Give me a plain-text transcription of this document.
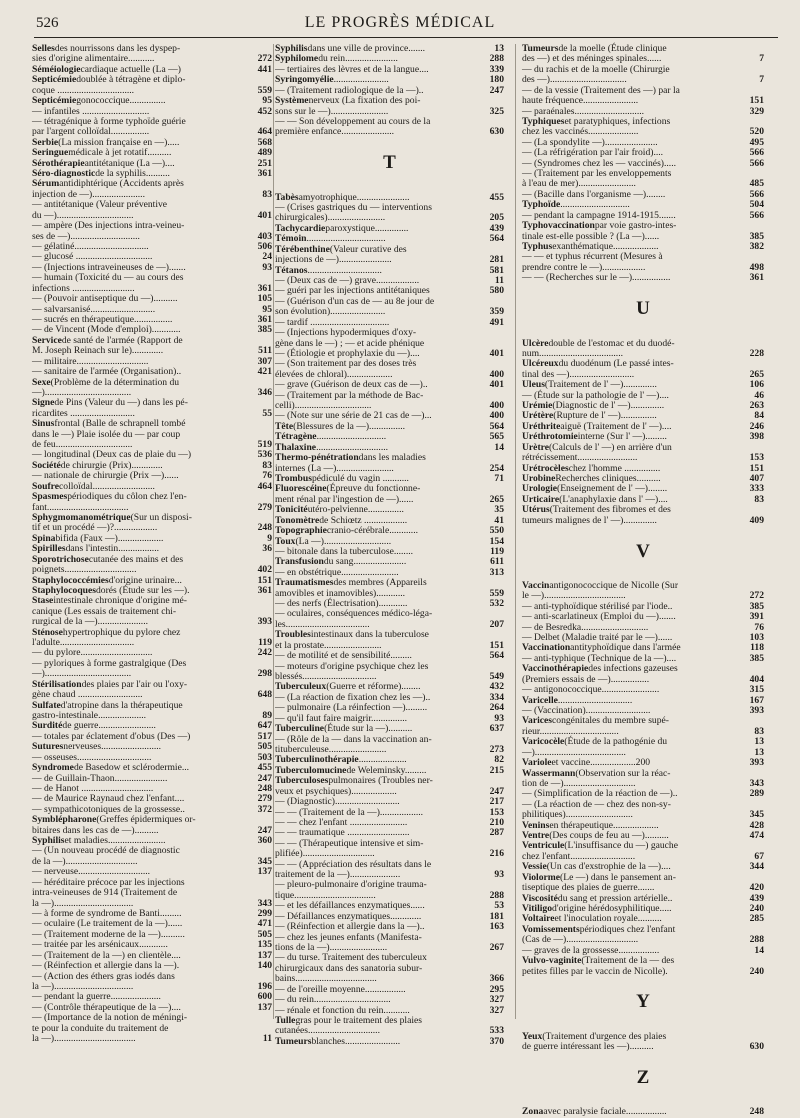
526	LE PROGRÈS MÉDICAL
Sellesdes nourrissons dans les dyspep-
272
sies d'origine alimentaire...........
441
Séméiologiecardiaque actuelle (La —)
Septicémiedoublée à tétragène et diplo-
559
coque ................................
95
Septicémiegonococcique...............
452
— infantiles ............................
— tétragénique à forme typhoïde guérie
464
par l'argent colloïdal................
568
Serbie(La mission française en —).....
489
Seringuemédicale à jet rotatif..........
251
Sérothérapieantitétanique (La —)....
361
Séro-diagnosticde la syphilis..........
Sérumantidiphtérique (Accidents après
83
injection de —)......................
— antitétanique (Valeur préventive
401
du —)................................
— ampère (Des injections intra-veineu-
403
ses de —).............................
506
— gélatiné...............................
24
— glucosé ................................
93
— (Injections intraveineuses de —).......
— humain (Toxicité du — au cours des
361
infections ..........................
105
— (Pouvoir antiseptique du —)..........
95
— salvarsanisé...........................
361
— sucrés en thérapeutique................
385
— de Vincent (Mode d'emploi)............
Servicede santé de l'armée (Rapport de
511
M. Joseph Reinach sur le).............
307
— militaire..............................
421
— sanitaire de l'armée (Organisation)..
Sexe(Problème de la détermination du
346
—)....................................
Signede Pins (Valeur du —) dans les pé-
55
ricardites ...........................
Sinusfrontal (Balle de schrapnell tombé
dans le —) Plaie isolée du — par coup
519
de feu................................
536
— longitudinal (Deux cas de plaie du —)
83
Sociétéde chirurgie (Prix).............
76
— nationale de chirurgie (Prix —)......
464
Soufrecolloïdal..........................
Spasmespériodiques du côlon chez l'en-
279
fant..................................
Sphygmomanométrique(Sur un disposi-
248
tif et un procédé —)?..................
9
Spinabifida (Faux —)...................
36
Spirillesdans l'intestin.................
Sporotrichosecutanée des mains et des
402
poignets..............................
151
Staphylococcémiesd'origine urinaire...
361
Staphylocoquesdorés (Étude sur les —).
Staseintestinale chronique d'origine mé-
canique (Les essais de traitement chi-
393
rurgical de la —).....................
Sténosehypertrophique du pylore chez
119
l'adulte...............................
242
— du pylore..............................
— pyloriques à forme gastralgique (Des
298
—)....................................
Stérilisationdes plaies par l'air ou l'oxy-
648
gène chaud ...........................
Sulfated'atropine dans la thérapeutique
89
gastro-intestinale....................
647
Surditéde guerre........................
517
— totales par éclatement d'obus (Des —)
505
Suturesnerveuses.........................
503
— osseuses...............................
455
Syndromede Basedow et sclérodermie...
247
— de Guillain-Thaon......................
248
— de Hanot ..............................
279
— de Maurice Raynaud chez l'enfant....
372
— sympathicotoniques de la grossesse..
Symblépharone(Greffes épidermiques or-
247
bitaires dans les cas de —)..........
360
Syphiliset maladies........................
— (Un nouveau procédé de diagnostic
345
de la —)..............................
137
— nerveuse..............................
— héréditaire précoce par les injections
intra-veineuses de 914 (Traitement de
343
la —).................................
299
— à forme de syndrome de Banti.........
471
— oculaire (Le traitement de la —)......
505
— (Traitement moderne de la —)..........
135
— traitée par les arsénicaux............
137
— (Traitement de la —) en clientèle....
140
— (Réinfection et allergie dans la —).
— (Action des éthers gras iodés dans
196
la —).................................
600
— pendant la guerre.....................
137
— (Contrôle thérapeutique de la —)....
— (Importance de la notion de méningi-
te pour la conduite du traitement de
11
la —)..................................
13
Syphilisdans une ville de province.......
288
Syphilomedu rein......................
339
— tertiaires des lèvres et de la langue....
180
Syringomyélie.......................
247
— (Traitement radiologique de la —)..
Systèmenerveux (La fixation des poi-
325
sons sur le —)........................
— — Son développement au cours de la
630
première enfance......................
T
455
Tabèsamyotrophique......................
— (Crises gastriques du — interventions
205
chirurgicales)........................
439
Tachycardieparoxystique..............
564
Témoin.................................
Térébenthine(Valeur curative des
281
injections de —)......................
581
Tétanos...............................
11
— (Deux cas de —) grave..................
580
— guéri par les injections antitétaniques
— (Guérison d'un cas de — au 8e jour de
359
son évolution).......................
491
— tardif .................................
— (Injections hypodermiques d'oxy-
gène dans le —) ; — et acide phénique
401
— (Étiologie et prophylaxie du —)....
— (Son traitement par des doses très
400
élevées de chloral)...................
401
— grave (Guérison de deux cas de —)..
— (Traitement par la méthode de Bac-
400
celli)................................
400
— (Note sur une série de 21 cas de —)...
564
Tête(Blessures de la —)...............
565
Tétragène.............................
14
Thalaxine..............................
Thermo-pénétrationdans les maladies
254
internes (La —)........................
71
Trombuspédiculé du vagin ...........
Fluorescéine(Épreuve du fonctionne-
265
ment rénal par l'ingestion de —)......
35
Tonicitéutéro-pelvienne...............
41
Tonomètrede Schiœtz ..................
550
Topographiecranio-cérébrale............
154
Toux(La —)............................
119
— bitonale dans la tuberculose........
611
Transfusiondu sang......................
313
— en obstétrique........................
Traumatismesdes membres (Appareils
559
amovibles et inamovibles)............
532
— des nerfs (Électrisation)............
— oculaires, conséquences médico-léga-
207
les...................................
Troublesintestinaux dans la tuberculose
151
et la prostate........................
564
— de motilité et de sensibilité.........
— moteurs d'origine psychique chez les
549
blessés...............................
432
Tuberculeux(Guerre et réforme)........
334
— (La réaction de fixation chez les —)..
264
— pulmonaire (La réinfection —).........
93
— qu'il faut faire maigrir...............
637
Tuberculine(Étude sur la —)..........
— (Rôle de la — dans la vaccination an-
273
tituberculeuse........................
82
Tuberculinothérapie....................
215
Tuberculomucinede Weleminsky.........
Tuberculosespulmonaires (Troubles ner-
247
veux et psychiques)...................
217
— (Diagnostic)...........................
153
— — (Traitement de la —)..................
210
— — chez l'enfant ........................
287
— — traumatique ..........................
— — (Thérapeutique intensive et sim-
216
plifiée)..............................
— — (Appréciation des résultats dans le
93
traitement de la —).....................
— pleuro-pulmonaire d'origine trauma-
288
tique..................................
53
— et les défaillances enzymatiques......
181
— Défaillances enzymatiques.............
163
— (Réinfection et allergie dans la —)..
— chez les jeunes enfants (Manifesta-
267
tions de la —)........................
— du turse. Traitement des tuberculeux
chirurgicaux dans des sanatoria subur-
366
bains..................................
295
— de l'oreille moyenne.................
327
— du rein................................
327
— rénale et fonction du rein...........
Tullegras pour le traitement des plaies
533
cutanées..............................
370
Tumeursblanches.......................
Tumeursde la moelle (Étude clinique
7
des —) et des méninges spinales......
— du rachis et de la moelle (Chirurgie
7
des —)................................
— de la vessie (Traitement des —) par la
151
haute fréquence.......................
329
— paraénales.............................
Typhiqueset paratyphiques, infections
520
chez les vaccinés.....................
495
— (La spondylite —)......................
566
— (La réfrigération par l'air froid)....
566
— (Syndromes chez les — vaccinés).....
— (Traitement par les enveloppements
485
à l'eau de mer)........................
566
— (Bacille dans l'organisme —)........
504
Typhoïde.............................
566
— pendant la campagne 1914-1915.......
Typhovaccinationpar voie gastro-intes-
385
tinale est-elle possible ? (La —)......
382
Typhusexanthématique...................
— — et typhus récurrent (Mesures à
498
prendre contre le —)..................
361
— — (Recherches sur le —)................
U
Ulcèredouble de l'estomac et du duodé-
228
num...................................
Ulcéreuxdu duodénum (Le passé intes-
265
tinal des —)...........................
106
Uleus(Traitement de l' —)..............
46
— (Étude sur la pathologie de l' —)....
263
Urémie(Diagnostic de l' —)..............
84
Urétère(Rupture de l' —)...............
246
Uréthriteaiguë (Traitement de l' —)....
398
Uréthrotomieinterne (Sur l' —).........
Urètre(Calculs de l' —) en arrière d'un
153
rétrécissement.........................
151
Urétrocèleschez l'homme ...............
407
UrobineRecherches cliniques..........
333
Urologie(Enseignement de l' —)........
83
Urticaire(L'anaphylaxie dans l' —)....
Utérus(Traitement des fibromes et des
409
tumeurs malignes de l' —)..............
V
Vaccinantigonococcique de Nicolle (Sur
272
le —)..................................
385
— anti-typhoïdique stérilisé par l'iode..
391
— anti-scarlatineux (Emploi du —).......
76
— de Besredka............................
103
— Delbet (Maladie traité par le —)......
118
Vaccinationantityphoïdique dans l'armée
385
— anti-typhique (Technique de la —)....
Vaccinothérapiedes infections gazeuses
404
(Premiers essais de —)................
315
— antigonococcique........................
167
Varicelle...............................
393
— (Vaccination)...........................
Varicescongénitales du membre supé-
83
rieur.................................
13
Varicocèle(Étude de la pathogénie du
13
—)......................................
393
Varioleet vaccine...................200
Wassermann(Observation sur la réac-
343
tion de —)..............................
289
— (Simplification de la réaction de —)..
— (La réaction de — chez des non-sy-
345
philitiques)............................
428
Veninsen thérapeutique...................
474
Ventre(Des coups de feu au —)..........
Ventricule(L'insuffisance du —) gauche
67
chez l'enfant...........................
344
Vessie(Un cas d'exstrophie de la —)....
Violorme(Le —) dans le pansement an-
420
tiseptique des plaies de guerre.......
439
Viscositédu sang et pression artérielle..
240
Vitiligod'origine hérédosyphilitique.....
285
Voltaireet l'inoculation royale..........
Vomissementspériodiques chez l'enfant
288
(Cas de —)..............................
14
— graves de la grossesse.................
Vulvo-vaginite(Traitement de la — des
240
petites filles par le vaccin de Nicolle).
Y
Yeux(Traitement d'urgence des plaies
630
de guerre intéressant les —)..........
Z
248
Zonaavec paralysie faciale.................
